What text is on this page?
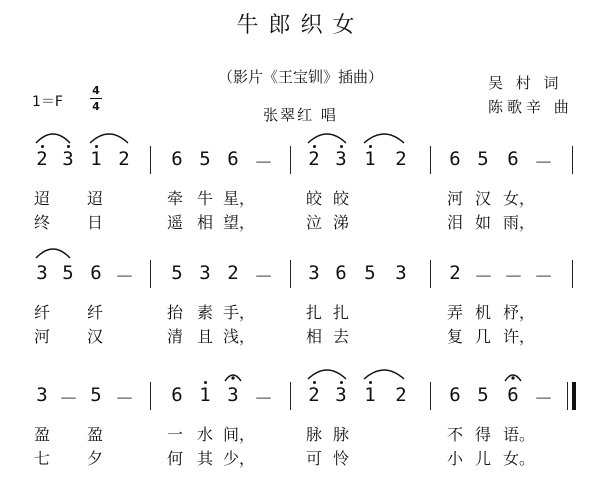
牛郎织女
（影片《王宝钏》插曲）
1＝F
4
4	张翠红 唱
吴 村 词
陈歌辛 曲
2 3 1 2 6 5 6 － 2 3 1 2 6 5 6 －
迢 迢	牵 牛 星，	皎 皎	河 汉 女，
终 日	遥 相 望，	泣 涕	泪 如 雨，
3 5 6 － 5 3 2 － 3 6 5 3 2 － － －
纤 纤	抬 素 手，	扎 扎	弄 机 杼，
河 汉	清 且 浅，	相 去	复 几 许，
3 － 5 － 6 1 3 － 2 3 1 2 6 5 6 －
盈 盈	一 水 间，	脉 脉	不 得 语。
七 夕	何 其 少，	可 怜	小 儿 女。
